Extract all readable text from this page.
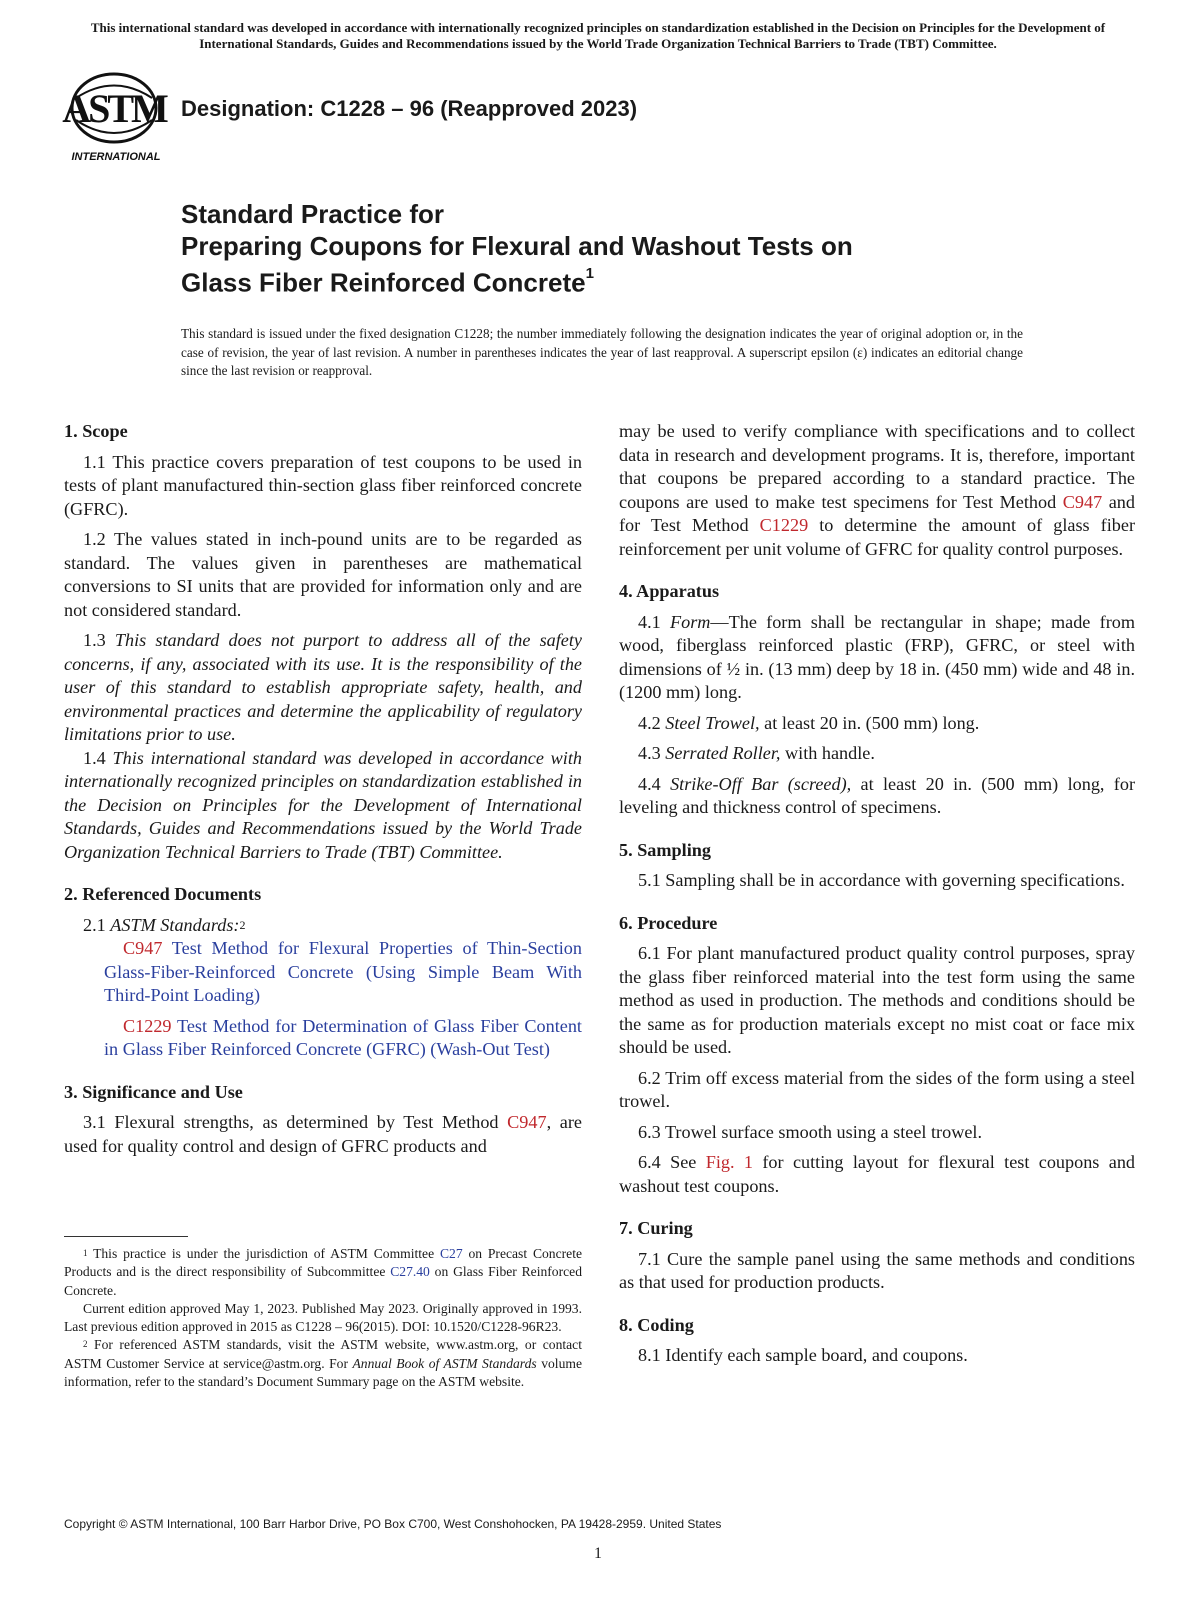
This international standard was developed in accordance with internationally recognized principles on standardization established in the Decision on Principles for the Development of International Standards, Guides and Recommendations issued by the World Trade Organization Technical Barriers to Trade (TBT) Committee.
ASTM
INTERNATIONAL
Designation: C1228 – 96 (Reapproved 2023)
Standard Practice for
Preparing Coupons for Flexural and Washout Tests on
Glass Fiber Reinforced Concrete$^1$
This standard is issued under the fixed designation C1228; the number immediately following the designation indicates the year of original adoption or, in the case of revision, the year of last revision. A number in parentheses indicates the year of last reapproval. A superscript epsilon (ε) indicates an editorial change since the last revision or reapproval.
1. Scope

1.1 This practice covers preparation of test coupons to be used in tests of plant manufactured thin-section glass fiber reinforced concrete (GFRC).

1.2 The values stated in inch-pound units are to be regarded as standard. The values given in parentheses are mathematical conversions to SI units that are provided for information only and are not considered standard.

1.3 This standard does not purport to address all of the safety concerns, if any, associated with its use. It is the responsibility of the user of this standard to establish appropriate safety, health, and environmental practices and determine the applicability of regulatory limitations prior to use.

1.4 This international standard was developed in accordance with internationally recognized principles on standardization established in the Decision on Principles for the Development of International Standards, Guides and Recommendations issued by the World Trade Organization Technical Barriers to Trade (TBT) Committee.

2. Referenced Documents

2.1 ASTM Standards:$^2$

C947 Test Method for Flexural Properties of Thin-Section Glass-Fiber-Reinforced Concrete (Using Simple Beam With Third-Point Loading)

C1229 Test Method for Determination of Glass Fiber Content in Glass Fiber Reinforced Concrete (GFRC) (Wash-Out Test)

3. Significance and Use

3.1 Flexural strengths, as determined by Test Method C947, are used for quality control and design of GFRC products and

$^1$ This practice is under the jurisdiction of ASTM Committee C27 on Precast Concrete Products and is the direct responsibility of Subcommittee C27.40 on Glass Fiber Reinforced Concrete.

Current edition approved May 1, 2023. Published May 2023. Originally approved in 1993. Last previous edition approved in 2015 as C1228 – 96(2015). DOI: 10.1520/C1228-96R23.

$^2$ For referenced ASTM standards, visit the ASTM website, www.astm.org, or contact ASTM Customer Service at service@astm.org. For Annual Book of ASTM Standards volume information, refer to the standard’s Document Summary page on the ASTM website.

may be used to verify compliance with specifications and to collect data in research and development programs. It is, therefore, important that coupons be prepared according to a standard practice. The coupons are used to make test specimens for Test Method C947 and for Test Method C1229 to determine the amount of glass fiber reinforcement per unit volume of GFRC for quality control purposes.

4. Apparatus

4.1 Form—The form shall be rectangular in shape; made from wood, fiberglass reinforced plastic (FRP), GFRC, or steel with dimensions of ½ in. (13 mm) deep by 18 in. (450 mm) wide and 48 in. (1200 mm) long.

4.2 Steel Trowel, at least 20 in. (500 mm) long.

4.3 Serrated Roller, with handle.

4.4 Strike-Off Bar (screed), at least 20 in. (500 mm) long, for leveling and thickness control of specimens.

5. Sampling

5.1 Sampling shall be in accordance with governing specifications.

6. Procedure

6.1 For plant manufactured product quality control purposes, spray the glass fiber reinforced material into the test form using the same method as used in production. The methods and conditions should be the same as for production materials except no mist coat or face mix should be used.

6.2 Trim off excess material from the sides of the form using a steel trowel.

6.3 Trowel surface smooth using a steel trowel.

6.4 See Fig. 1 for cutting layout for flexural test coupons and washout test coupons.

7. Curing

7.1 Cure the sample panel using the same methods and conditions as that used for production products.

8. Coding

8.1 Identify each sample board, and coupons.

Copyright © ASTM International, 100 Barr Harbor Drive, PO Box C700, West Conshohocken, PA 19428-2959. United States
1
